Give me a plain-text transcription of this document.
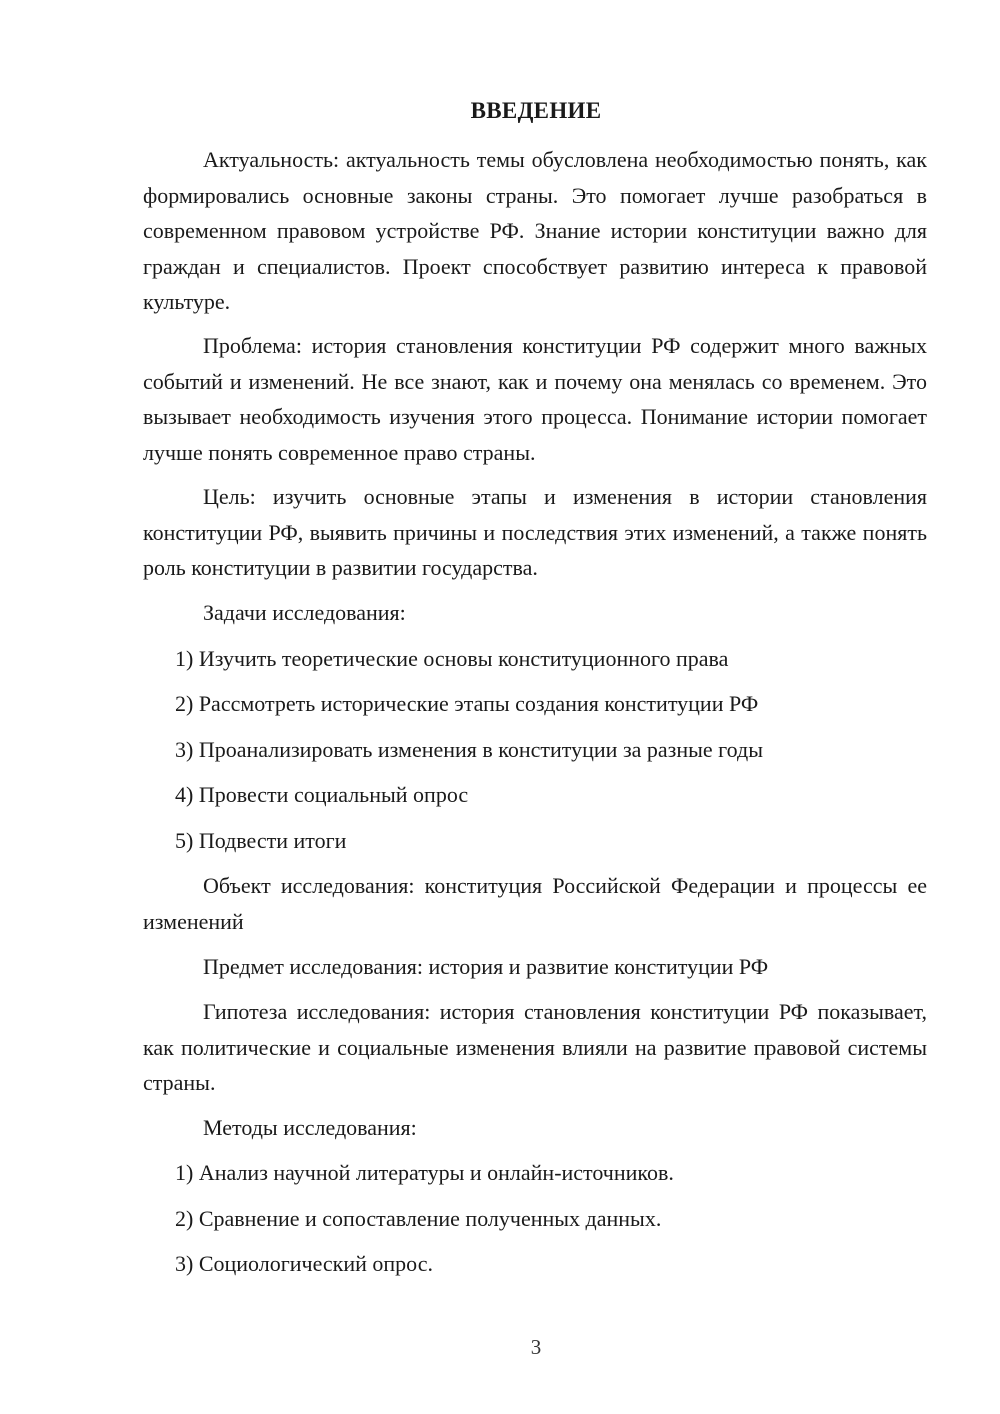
ВВЕДЕНИЕ

Актуальность: актуальность темы обусловлена необходимостью понять, как формировались основные законы страны. Это помогает лучше разобраться в современном правовом устройстве РФ. Знание истории конституции важно для граждан и специалистов. Проект способствует развитию интереса к правовой культуре.

Проблема: история становления конституции РФ содержит много важных событий и изменений. Не все знают, как и почему она менялась со временем. Это вызывает необходимость изучения этого процесса. Понимание истории помогает лучше понять современное право страны.

Цель: изучить основные этапы и изменения в истории становления конституции РФ, выявить причины и последствия этих изменений, а также понять роль конституции в развитии государства.

Задачи исследования:

1) Изучить теоретические основы конституционного права

2) Рассмотреть исторические этапы создания конституции РФ

3) Проанализировать изменения в конституции за разные годы

4) Провести социальный опрос

5) Подвести итоги

Объект исследования: конституция Российской Федерации и процессы ее изменений

Предмет исследования: история и развитие конституции РФ

Гипотеза исследования: история становления конституции РФ показывает, как политические и социальные изменения влияли на развитие правовой системы страны.

Методы исследования:

1) Анализ научной литературы и онлайн-источников.

2) Сравнение и сопоставление полученных данных.

3) Социологический опрос.

3
